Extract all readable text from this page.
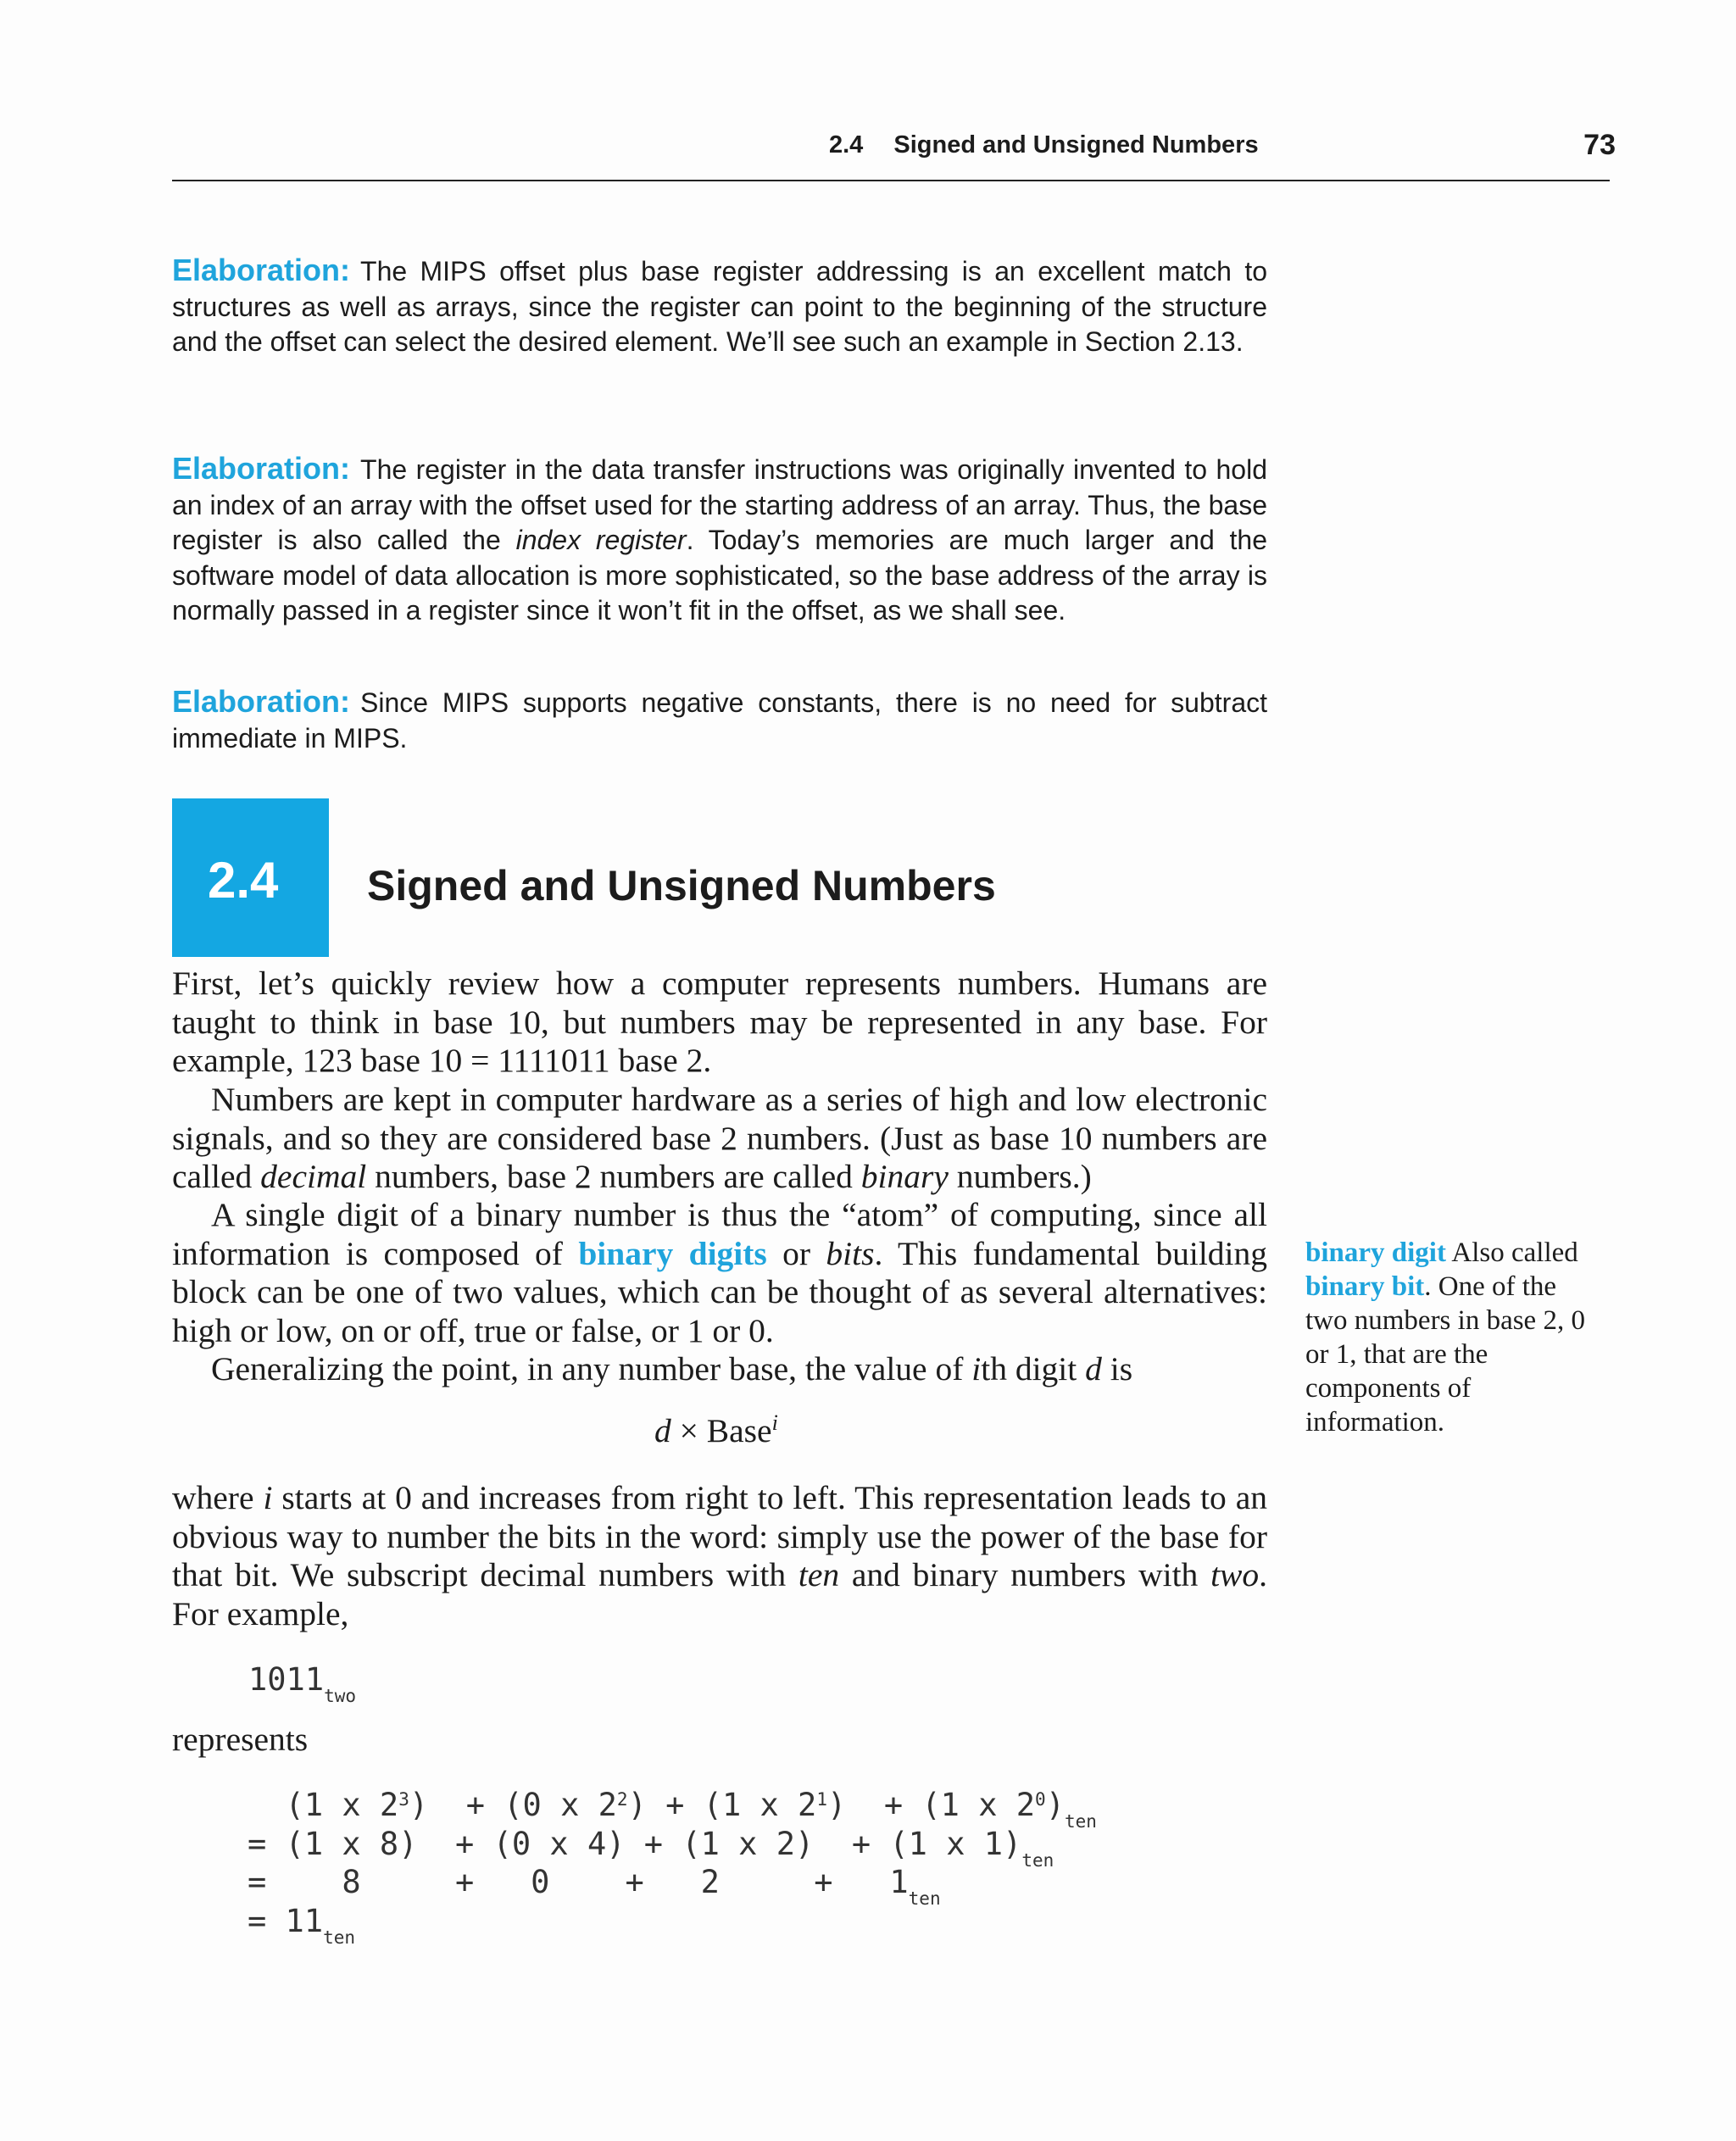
2.4 Signed and Unsigned Numbers	73

Elaboration: The MIPS offset plus base register addressing is an excellent match to structures as well as arrays, since the register can point to the beginning of the structure and the offset can select the desired element. We’ll see such an example in Section 2.13.

Elaboration: The register in the data transfer instructions was originally invented to hold an index of an array with the offset used for the starting address of an array. Thus, the base register is also called the index register. Today’s memories are much larger and the software model of data allocation is more sophisticated, so the base address of the array is normally passed in a register since it won’t fit in the offset, as we shall see.

Elaboration: Since MIPS supports negative constants, there is no need for subtract immediate in MIPS.

2.4 Signed and Unsigned Numbers

First, let’s quickly review how a computer represents numbers. Humans are taught to think in base 10, but numbers may be represented in any base. For example, 123 base 10 = 1111011 base 2.

Numbers are kept in computer hardware as a series of high and low electronic signals, and so they are considered base 2 numbers. (Just as base 10 numbers are called decimal numbers, base 2 numbers are called binary numbers.)

A single digit of a binary number is thus the “atom” of computing, since all information is composed of binary digits or bits. This fundamental building block can be one of two values, which can be thought of as several alternatives: high or low, on or off, true or false, or 1 or 0.

Generalizing the point, in any number base, the value of ith digit d is

d × Base$^i$

where i starts at 0 and increases from right to left. This representation leads to an obvious way to number the bits in the word: simply use the power of the base for that bit. We subscript decimal numbers with ten and binary numbers with two. For example,

binary digit Also called binary bit. One of the two numbers in base 2, 0 or 1, that are the components of information.

$1011_{two}$
represents
(1 x $2^3) + (0$ x $2^2) + (1$ x $2^1) + (1$ x $2^0)_{ten}$
= (1 x 8)  + (0 x 4) + (1 x 2)  + (1 x $1)_{ten}$
=    8     +   0    +   2     +   $1_{ten}$
= $11_{ten}$
